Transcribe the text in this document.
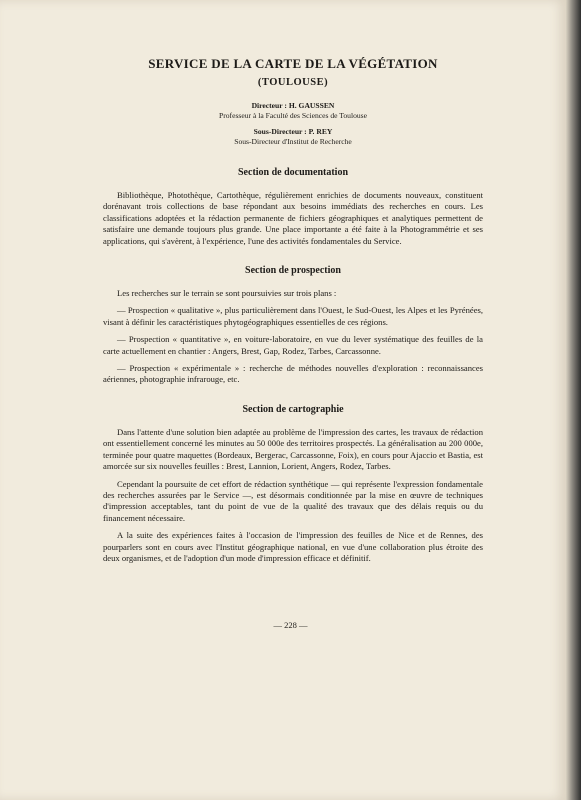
SERVICE DE LA CARTE DE LA VÉGÉTATION
(TOULOUSE)
Directeur : H. GAUSSEN
Professeur à la Faculté des Sciences de Toulouse
Sous-Directeur : P. REY
Sous-Directeur d'Institut de Recherche
Section de documentation

Bibliothèque, Photothèque, Cartothèque, régulièrement enrichies de documents nouveaux, constituent dorénavant trois collections de base répondant aux besoins immédiats des recherches en cours. Les classifications adoptées et la rédaction permanente de fichiers géographiques et analytiques permettent de satisfaire une demande toujours plus grande. Une place importante a été faite à la Photogrammétrie et ses applications, qui s'avèrent, à l'expérience, l'une des activités fondamentales du Service.

Section de prospection

Les recherches sur le terrain se sont poursuivies sur trois plans :

— Prospection « qualitative », plus particulièrement dans l'Ouest, le Sud-Ouest, les Alpes et les Pyrénées, visant à définir les caractéristiques phytogéographiques essentielles de ces régions.

— Prospection « quantitative », en voiture-laboratoire, en vue du lever systématique des feuilles de la carte actuellement en chantier : Angers, Brest, Gap, Rodez, Tarbes, Carcassonne.

— Prospection « expérimentale » : recherche de méthodes nouvelles d'exploration : reconnaissances aériennes, photographie infrarouge, etc.

Section de cartographie

Dans l'attente d'une solution bien adaptée au problème de l'impression des cartes, les travaux de rédaction ont essentiellement concerné les minutes au 50 000e des territoires prospectés. La généralisation au 200 000e, terminée pour quatre maquettes (Bordeaux, Bergerac, Carcassonne, Foix), en cours pour Ajaccio et Bastia, est amorcée sur six nouvelles feuilles : Brest, Lannion, Lorient, Angers, Rodez, Tarbes.

Cependant la poursuite de cet effort de rédaction synthétique — qui représente l'expression fondamentale des recherches assurées par le Service —, est désormais conditionnée par la mise en œuvre de techniques d'impression acceptables, tant du point de vue de la qualité des travaux que des délais requis ou du financement nécessaire.

A la suite des expériences faites à l'occasion de l'impression des feuilles de Nice et de Rennes, des pourparlers sont en cours avec l'Institut géographique national, en vue d'une collaboration plus étroite des deux organismes, et de l'adoption d'un mode d'impression efficace et définitif.

— 228 —
